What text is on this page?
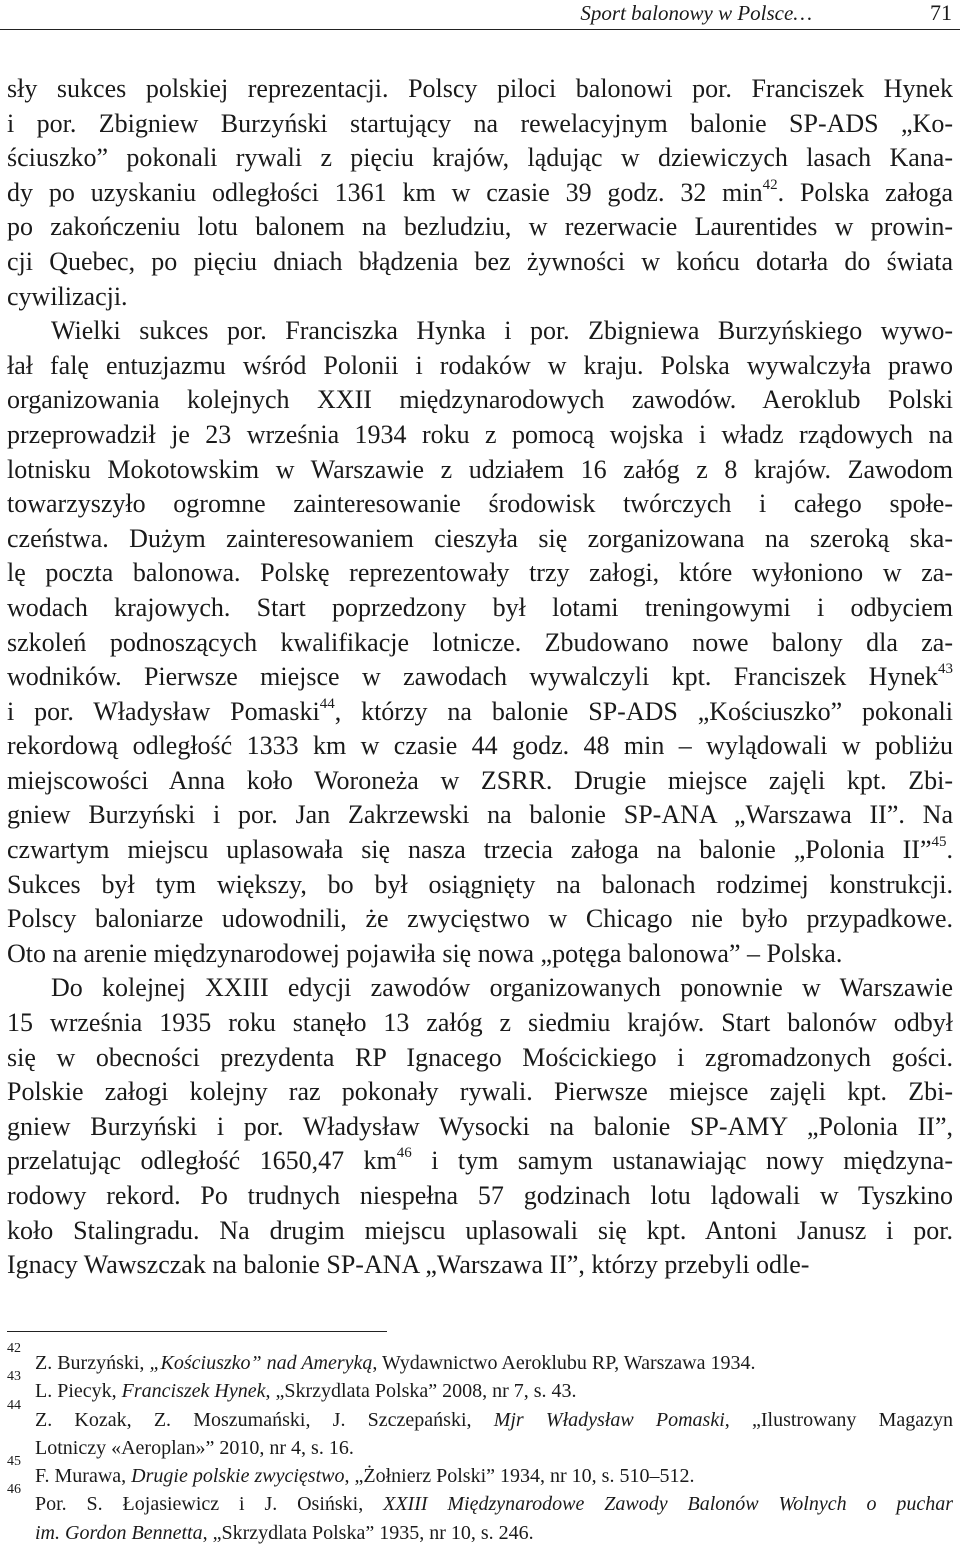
Sport balonowy w Polsce…	71
sły sukces polskiej reprezentacji. Polscy piloci balonowi por. Franciszek Hynek
i por. Zbigniew Burzyński startujący na rewelacyjnym balonie SP-ADS „Ko-
ściuszko” pokonali rywali z pięciu krajów, lądując w dziewiczych lasach Kana-
dy po uzyskaniu odległości 1361 km w czasie 39 godz. 32 $\min^{42}$. Polska załoga
po zakończeniu lotu balonem na bezludziu, w rezerwacie Laurentides w prowin-
cji Quebec, po pięciu dniach błądzenia bez żywności w końcu dotarła do świata
cywilizacji.
Wielki sukces por. Franciszka Hynka i por. Zbigniewa Burzyńskiego wywo-
łał falę entuzjazmu wśród Polonii i rodaków w kraju. Polska wywalczyła prawo
organizowania kolejnych XXII międzynarodowych zawodów. Aeroklub Polski
przeprowadził je 23 września 1934 roku z pomocą wojska i władz rządowych na
lotnisku Mokotowskim w Warszawie z udziałem 16 załóg z 8 krajów. Zawodom
towarzyszyło ogromne zainteresowanie środowisk twórczych i całego społe-
czeństwa. Dużym zainteresowaniem cieszyła się zorganizowana na szeroką ska-
lę poczta balonowa. Polskę reprezentowały trzy załogi, które wyłoniono w za-
wodach krajowych. Start poprzedzony był lotami treningowymi i odbyciem
szkoleń podnoszących kwalifikacje lotnicze. Zbudowano nowe balony dla za-
wodników. Pierwsze miejsce w zawodach wywalczyli kpt. Franciszek Hynek$^{43}$
i por. Władysław Pomaski$^{44}$, którzy na balonie SP-ADS „Kościuszko” pokonali
rekordową odległość 1333 km w czasie 44 godz. 48 min – wylądowali w pobliżu
miejscowości Anna koło Woroneża w ZSRR. Drugie miejsce zajęli kpt. Zbi-
gniew Burzyński i por. Jan Zakrzewski na balonie SP-ANA „Warszawa II”. Na
czwartym miejscu uplasowała się nasza trzecia załoga na balonie „Polonia II”$^{45}$.
Sukces był tym większy, bo był osiągnięty na balonach rodzimej konstrukcji.
Polscy baloniarze udowodnili, że zwycięstwo w Chicago nie było przypadkowe.
Oto na arenie międzynarodowej pojawiła się nowa „potęga balonowa” – Polska.
Do kolejnej XXIII edycji zawodów organizowanych ponownie w Warszawie
15 września 1935 roku stanęło 13 załóg z siedmiu krajów. Start balonów odbył
się w obecności prezydenta RP Ignacego Mościckiego i zgromadzonych gości.
Polskie załogi kolejny raz pokonały rywali. Pierwsze miejsce zajęli kpt. Zbi-
gniew Burzyński i por. Władysław Wysocki na balonie SP-AMY „Polonia II”,
przelatując odległość 1650,47 $km^{46}$ i tym samym ustanawiając nowy międzyna-
rodowy rekord. Po trudnych niespełna 57 godzinach lotu lądowali w Tyszkino
koło Stalingradu. Na drugim miejscu uplasowali się kpt. Antoni Janusz i por.
Ignacy Wawszczak na balonie SP-ANA „Warszawa II”, którzy przebyli odle-
42
Z. Burzyński, „Kościuszko” nad Ameryką, Wydawnictwo Aeroklubu RP, Warszawa 1934.
43
L. Piecyk, Franciszek Hynek, „Skrzydlata Polska” 2008, nr 7, s. 43.
44
Z. Kozak, Z. Moszumański, J. Szczepański, Mjr Władysław Pomaski, „Ilustrowany Magazyn
Lotniczy «Aeroplan»” 2010, nr 4, s. 16.
45
F. Murawa, Drugie polskie zwycięstwo, „Żołnierz Polski” 1934, nr 10, s. 510–512.
46
Por. S. Łojasiewicz i J. Osiński, XXIII Międzynarodowe Zawody Balonów Wolnych o puchar
im. Gordon Bennetta, „Skrzydlata Polska” 1935, nr 10, s. 246.
